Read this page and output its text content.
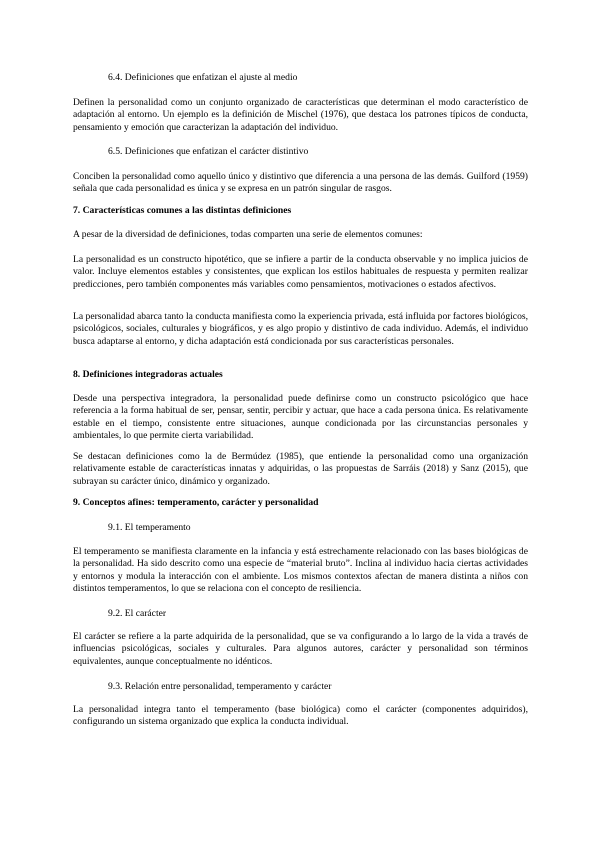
6.4. Definiciones que enfatizan el ajuste al medio

Definen la personalidad como un conjunto organizado de características que determinan el modo característico de adaptación al entorno. Un ejemplo es la definición de Mischel (1976), que destaca los patrones típicos de conducta, pensamiento y emoción que caracterizan la adaptación del individuo.

6.5. Definiciones que enfatizan el carácter distintivo

Conciben la personalidad como aquello único y distintivo que diferencia a una persona de las demás. Guilford (1959) señala que cada personalidad es única y se expresa en un patrón singular de rasgos.

7. Características comunes a las distintas definiciones

A pesar de la diversidad de definiciones, todas comparten una serie de elementos comunes:

La personalidad es un constructo hipotético, que se infiere a partir de la conducta observable y no implica juicios de valor. Incluye elementos estables y consistentes, que explican los estilos habituales de respuesta y permiten realizar predicciones, pero también componentes más variables como pensamientos, motivaciones o estados afectivos.

La personalidad abarca tanto la conducta manifiesta como la experiencia privada, está influida por factores biológicos, psicológicos, sociales, culturales y biográficos, y es algo propio y distintivo de cada individuo. Además, el individuo busca adaptarse al entorno, y dicha adaptación está condicionada por sus características personales.

8. Definiciones integradoras actuales

Desde una perspectiva integradora, la personalidad puede definirse como un constructo psicológico que hace referencia a la forma habitual de ser, pensar, sentir, percibir y actuar, que hace a cada persona única. Es relativamente estable en el tiempo, consistente entre situaciones, aunque condicionada por las circunstancias personales y ambientales, lo que permite cierta variabilidad.

Se destacan definiciones como la de Bermúdez (1985), que entiende la personalidad como una organización relativamente estable de características innatas y adquiridas, o las propuestas de Sarráis (2018) y Sanz (2015), que subrayan su carácter único, dinámico y organizado.

9. Conceptos afines: temperamento, carácter y personalidad

9.1. El temperamento

El temperamento se manifiesta claramente en la infancia y está estrechamente relacionado con las bases biológicas de la personalidad. Ha sido descrito como una especie de “material bruto”. Inclina al individuo hacia ciertas actividades y entornos y modula la interacción con el ambiente. Los mismos contextos afectan de manera distinta a niños con distintos temperamentos, lo que se relaciona con el concepto de resiliencia.

9.2. El carácter

El carácter se refiere a la parte adquirida de la personalidad, que se va configurando a lo largo de la vida a través de influencias psicológicas, sociales y culturales. Para algunos autores, carácter y personalidad son términos equivalentes, aunque conceptualmente no idénticos.

9.3. Relación entre personalidad, temperamento y carácter

La personalidad integra tanto el temperamento (base biológica) como el carácter (componentes adquiridos), configurando un sistema organizado que explica la conducta individual.
